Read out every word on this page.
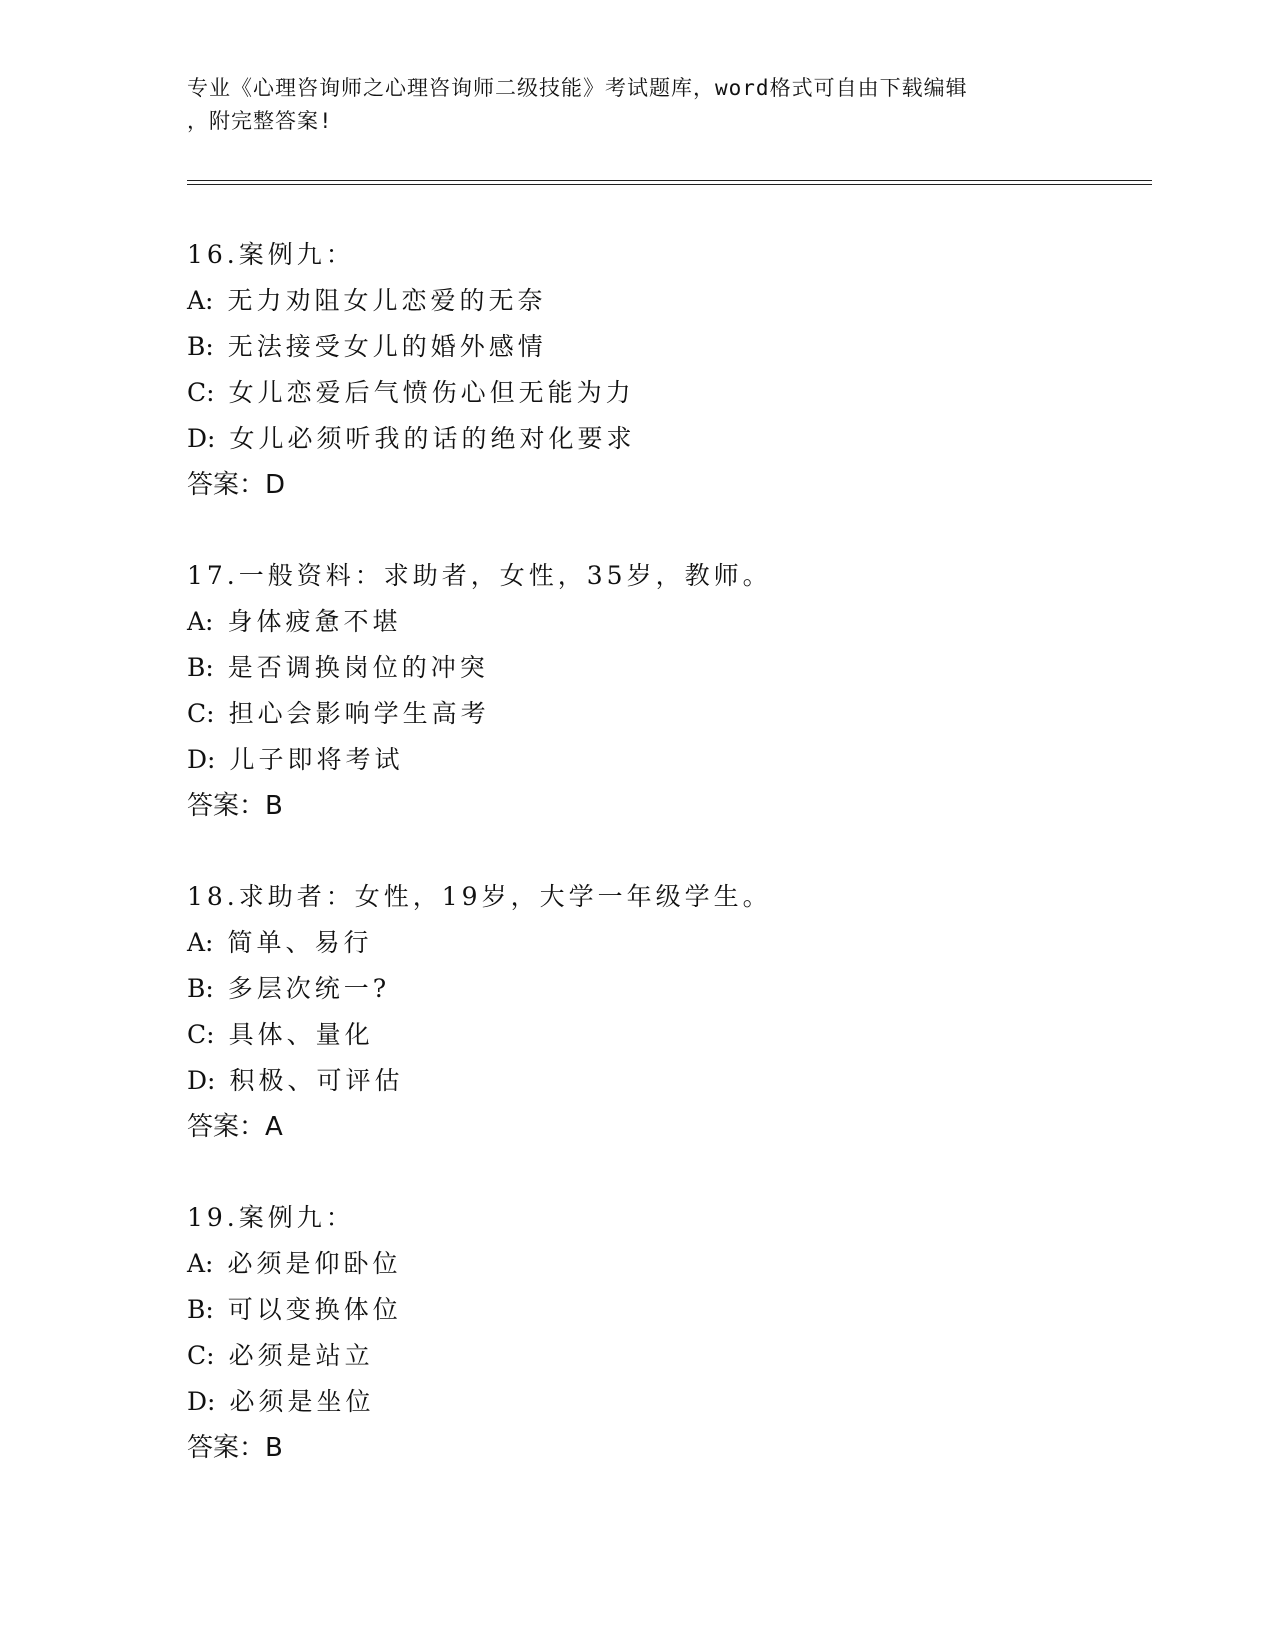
专业《心理咨询师之心理咨询师二级技能》考试题库，word格式可自由下载编辑
，附完整答案!
16.案例九：
A: 无力劝阻女儿恋爱的无奈
B: 无法接受女儿的婚外感情
C: 女儿恋爱后气愤伤心但无能为力
D: 女儿必须听我的话的绝对化要求
答案：D
17.一般资料：求助者，女性，35岁，教师。
A: 身体疲惫不堪
B: 是否调换岗位的冲突
C: 担心会影响学生高考
D: 儿子即将考试
答案：B
18.求助者：女性，19岁，大学一年级学生。
A: 简单、易行
B: 多层次统一?
C: 具体、量化
D: 积极、可评估
答案：A
19.案例九：
A: 必须是仰卧位
B: 可以变换体位
C: 必须是站立
D: 必须是坐位
答案：B
